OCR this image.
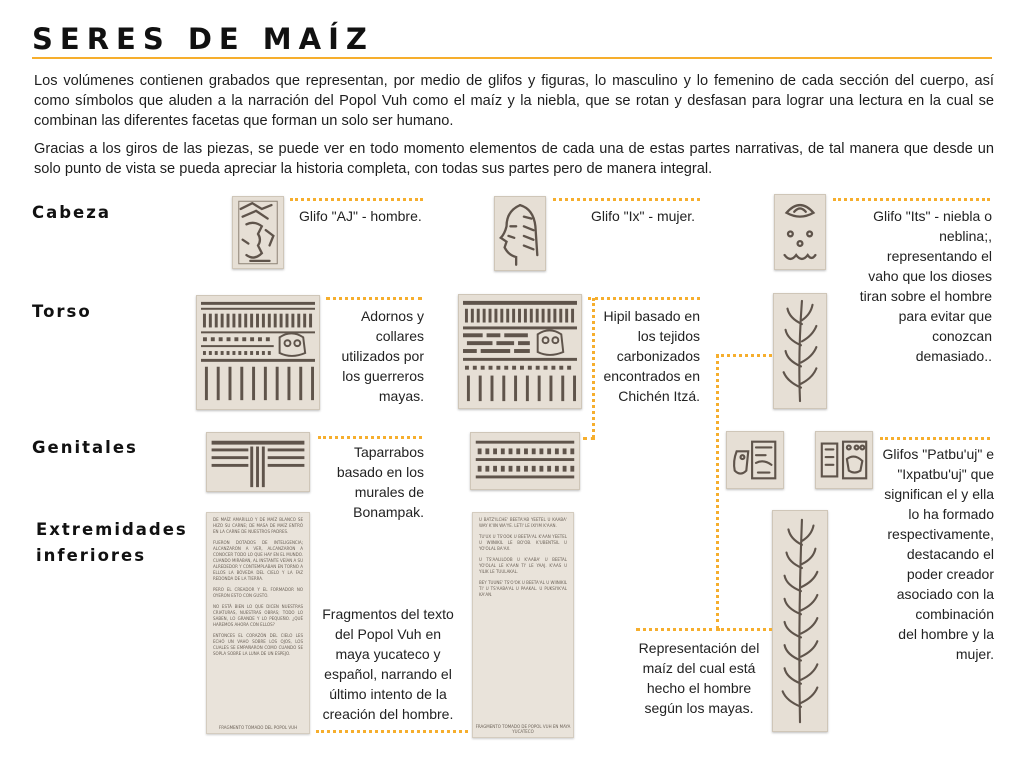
SERES DE MAÍZ

Los volúmenes contienen grabados que representan, por medio de glifos y figuras, lo masculino y lo femenino de cada sección del cuerpo, así como símbolos que aluden a la narración del Popol Vuh como el maíz y la niebla, que se rotan y desfasan para lograr una lectura en la cual se combinan las diferentes facetas que forman un solo ser humano.

Gracias a los giros de las piezas, se puede ver en todo momento elementos de cada una de estas partes narrativas, de tal manera que desde un solo punto de vista se pueda apreciar la historia completa, con todas sus partes pero de manera integral.

Cabeza
Torso
Genitales
Extremidades
inferiores
Glifo "AJ" - hombre.	Glifo "Ix" - mujer.	Glifo "Its" - niebla o
neblina;,
representando el
vaho que los dioses
tiran sobre el hombre
para evitar que
conozcan
demasiado..
Adornos y
collares
utilizados por
los guerreros
mayas.
Hipil basado en
los tejidos
carbonizados
encontrados en
Chichén Itzá.
Taparrabos
basado en los
murales de
Bonampak.
Glifos "Patbu'uj" e
"Ixpatbu'uj" que
significan el y ella
lo ha formado
respectivamente,
destacando el
poder creador
asociado con la
combinación
del hombre y la
mujer.
DE MAÍZ AMARILLO Y DE MAÍZ BLANCO SE HIZO SU CARNE; DE MASA DE MAÍZ ENTRÓ EN LA CARNE DE NUESTROS PADRES.
FUERON DOTADOS DE INTELIGENCIA; ALCANZARON A VER, ALCANZARON A CONOCER TODO LO QUE HAY EN EL MUNDO. CUANDO MIRABAN, AL INSTANTE VEÍAN A SU ALREDEDOR Y CONTEMPLABAN EN TORNO A ELLOS LA BÓVEDA DEL CIELO Y LA FAZ REDONDA DE LA TIERRA.
PERO EL CREADOR Y EL FORMADOR NO OYERON ESTO CON GUSTO.
NO ESTÁ BIEN LO QUE DICEN NUESTRAS CRIATURAS, NUESTRAS OBRAS; TODO LO SABEN, LO GRANDE Y LO PEQUEÑO. ¿QUÉ HAREMOS AHORA CON ELLOS?
ENTONCES EL CORAZÓN DEL CIELO LES ECHÓ UN VAHO SOBRE LOS OJOS, LOS CUALES SE EMPAÑARON COMO CUANDO SE SOPLA SOBRE LA LUNA DE UN ESPEJO.
FRAGMENTO TOMADO DEL POPOL VUH
U BATZ'ILCHE' BEETA'AB YEETEL U KAABA' WAY K'IIN WA'YE. LETI' LE IXI'IM K'AAN.
TU'UX U TS'OOK U BEETA'AL K'AAN YEETEL U WIINIKIL LE BO'OB. K'UBENTSIL U YO'OLAL BA'AX.
U TS'AALILOOB U K'AABA' U BEETAL YO'OLAL LE K'AAN TI' LE YAAJ. K'AAS U YILIK LE TUULAKAL.
BEY TUUNE' TS'O'OK U BEETA'AL U WIINIKIL TI' U TS'AABA'AL U PAAKAL. U PUKSI'IK'AL KA'AN.
FRAGMENTO TOMADO DE POPOL VUH EN MAYA YUCATECO
Fragmentos del texto
del Popol Vuh en
maya yucateco y
español, narrando el
último intento de la
creación del hombre.
Representación del
maíz del cual está
hecho el hombre
según los mayas.
